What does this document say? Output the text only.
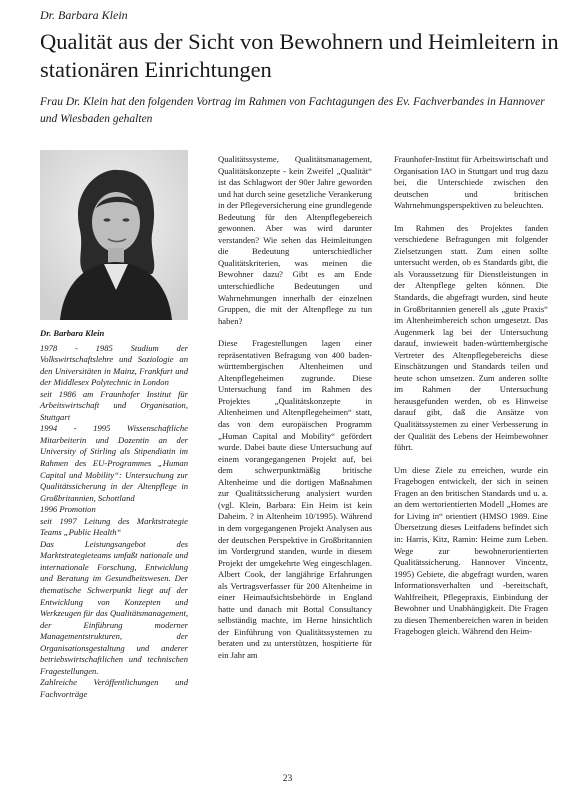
Dr. Barbara Klein
Qualität aus der Sicht von Bewohnern und Heimleitern in stationären Einrichtungen
Frau Dr. Klein hat den folgenden Vortrag im Rahmen von Fachtagungen des Ev. Fachverbandes in Hannover und Wiesbaden gehalten

Dr. Barbara Klein

1978 - 1985 Studium der Volkswirtschaftslehre und Soziologie an den Universitäten in Mainz, Frankfurt und der Middlesex Polytechnic in London

seit 1986 am Fraunhofer Institut für Arbeitswirtschaft und Organisation, Stuttgart

1994 - 1995 Wissenschaftliche Mitarbeiterin und Dozentin an der University of Stirling als Stipendiatin im Rahmen des EU-Programmes „Human Capital und Mobility“: Untersuchung zur Qualitätssicherung in der Altenpflege in Großbritannien, Schottland

1996 Promotion

seit 1997 Leitung des Marktstrategie Teams „Public Health“

Das Leistungsangebot des Marktstrategieteams umfaßt nationale und internationale Forschung, Entwicklung und Beratung im Gesundheitswesen. Der thematische Schwerpunkt liegt auf der Entwicklung von Konzepten und Werkzeugen für das Qualitätsmanagement, der Einführung moderner Managementstrukturen, der Organisationsgestaltung und anderer betriebswirtschaftlichen und technischen Fragestellungen.

Zahlreiche Veröffentlichungen und Fachvorträge

Qualitätssysteme, Qualitätsmanagement, Qualitätskonzepte - kein Zweifel „Qualität“ ist das Schlagwort der 90er Jahre geworden und hat durch seine gesetzliche Verankerung in der Pflegeversicherung eine grundlegende Bedeutung für den Altenpflegebereich gewonnen. Aber was wird darunter verstanden? Wie sehen das Heimleitungen die Bedeutung unterschiedlicher Qualitätskriterien, was meinen die Bewohner dazu? Gibt es am Ende unterschiedliche Bedeutungen und Wahrnehmungen innerhalb der einzelnen Gruppen, die mit der Altenpflege zu tun haben?

Diese Fragestellungen lagen einer repräsentativen Befragung von 400 baden-württembergischen Altenheimen und Altenpflegeheimen zugrunde. Diese Untersuchung fand im Rahmen des Projektes „Qualitätskonzepte in Altenheimen und Altenpflegeheimen“ statt, das von dem europäischen Programm „Human Capital and Mobility“ gefördert wurde. Dabei baute diese Untersuchung auf einem vorangegangenen Projekt auf, bei dem schwerpunktmäßig britische Altenheime und die dortigen Maßnahmen zur Qualitätssicherung analysiert wurden (vgl. Klein, Barbara: Ein Heim ist kein Daheim. ? in Altenheim 10/1995). Während in dem vorgegangenen Projekt Analysen aus der deutschen Perspektive in Großbritannien im Vordergrund standen, wurde in diesem Projekt der umgekehrte Weg eingeschlagen. Albert Cook, der langjährige Erfahrungen als Vertragsverfasser für 200 Altenheime in einer Heimaufsichtsbehörde in England hatte und danach mit Bottal Consultancy selbständig machte, im Herne hinsichtlich der Einführung von Qualitätssystemen zu beraten und zu unterstützen, hospitierte für ein Jahr am

Fraunhofer-Institut für Arbeitswirtschaft und Organisation IAO in Stuttgart und trug dazu bei, die Unterschiede zwischen den deutschen und britischen Wahrnehmungsperspektiven zu beleuchten.

Im Rahmen des Projektes fanden verschiedene Befragungen mit folgender Zielsetzungen statt. Zum einen sollte untersucht werden, ob es Standards gibt, die als Voraussetzung für Dienstleistungen in der Altenpflege gelten können. Die Standards, die abgefragt wurden, sind heute in Großbritannien generell als „gute Praxis“ im Altenheimbereich schon umgesetzt. Das Augenmerk lag bei der Untersuchung darauf, inwieweit baden-württembergische Vertreter des Altenpflegebereichs diese Einschätzungen und Standards teilen und heute schon umsetzen. Zum anderen sollte im Rahmen der Untersuchung herausgefunden werden, ob es Hinweise darauf gibt, daß die Ansätze von Qualitätssystemen zu einer Verbesserung in der Qualität des Lebens der Heimbewohner führt.

Um diese Ziele zu erreichen, wurde ein Fragebogen entwickelt, der sich in seinen Fragen an den britischen Standards und u. a. an dem wertorientierten Modell „Homes are for Living in“ orientiert (HMSO 1989. Eine Übersetzung dieses Leitfadens befindet sich in: Harris, Kitz, Ramin: Heime zum Leben. Wege zur bewohnerorientierten Qualitätssicherung. Hannover Vincentz, 1995) Gebiete, die abgefragt wurden, waren Informationsverhalten und -bereitschaft, Wahlfreiheit, Pflegepraxis, Einbindung der Bewohner und Unabhängigkeit. Die Fragen zu diesen Themenbereichen waren in beiden Fragebogen gleich. Während den Heim-

23
